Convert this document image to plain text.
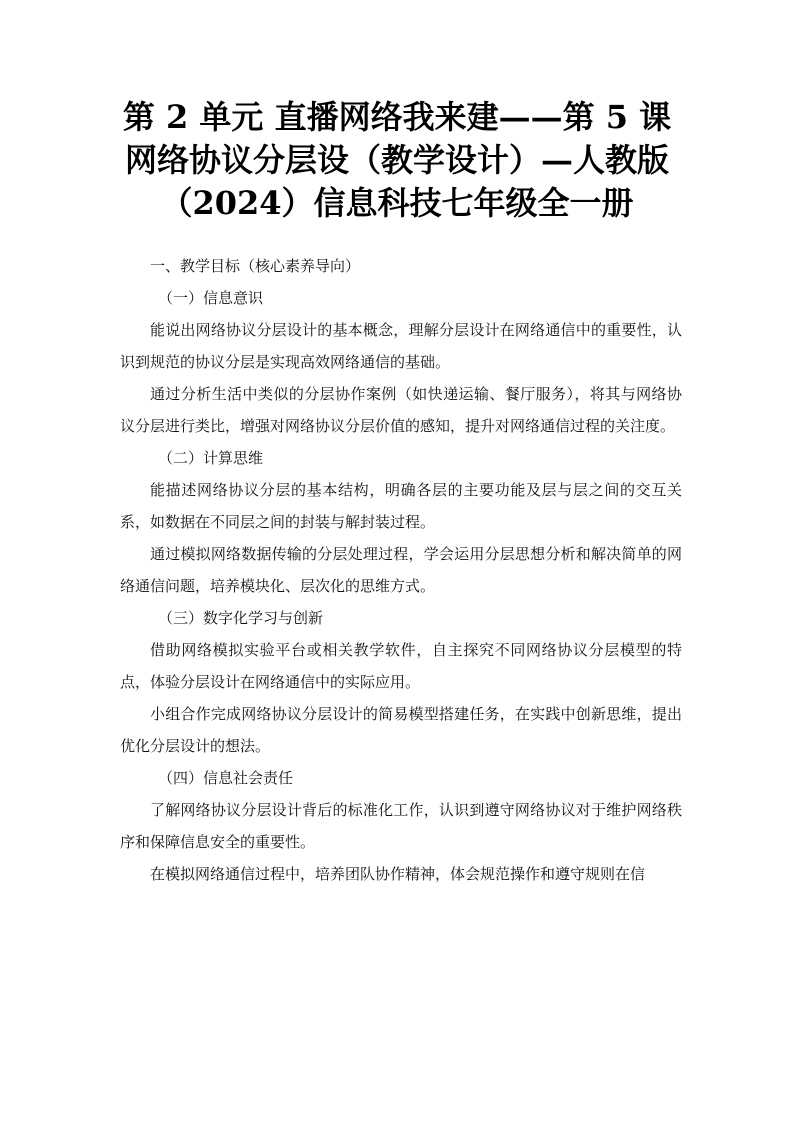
第 2 单元 直播网络我来建——第 5 课
网络协议分层设（教学设计）—人教版
（2024）信息科技七年级全一册

一、教学目标（核心素养导向）

（一）信息意识

能说出网络协议分层设计的基本概念，理解分层设计在网络通信中的重要性，认识到规范的协议分层是实现高效网络通信的基础。

通过分析生活中类似的分层协作案例（如快递运输、餐厅服务），将其与网络协议分层进行类比，增强对网络协议分层价值的感知，提升对网络通信过程的关注度。

（二）计算思维

能描述网络协议分层的基本结构，明确各层的主要功能及层与层之间的交互关系，如数据在不同层之间的封装与解封装过程。

通过模拟网络数据传输的分层处理过程，学会运用分层思想分析和解决简单的网络通信问题，培养模块化、层次化的思维方式。

（三）数字化学习与创新

借助网络模拟实验平台或相关教学软件，自主探究不同网络协议分层模型的特点，体验分层设计在网络通信中的实际应用。

小组合作完成网络协议分层设计的简易模型搭建任务，在实践中创新思维，提出优化分层设计的想法。

（四）信息社会责任

了解网络协议分层设计背后的标准化工作，认识到遵守网络协议对于维护网络秩序和保障信息安全的重要性。

在模拟网络通信过程中，培养团队协作精神，体会规范操作和遵守规则在信
